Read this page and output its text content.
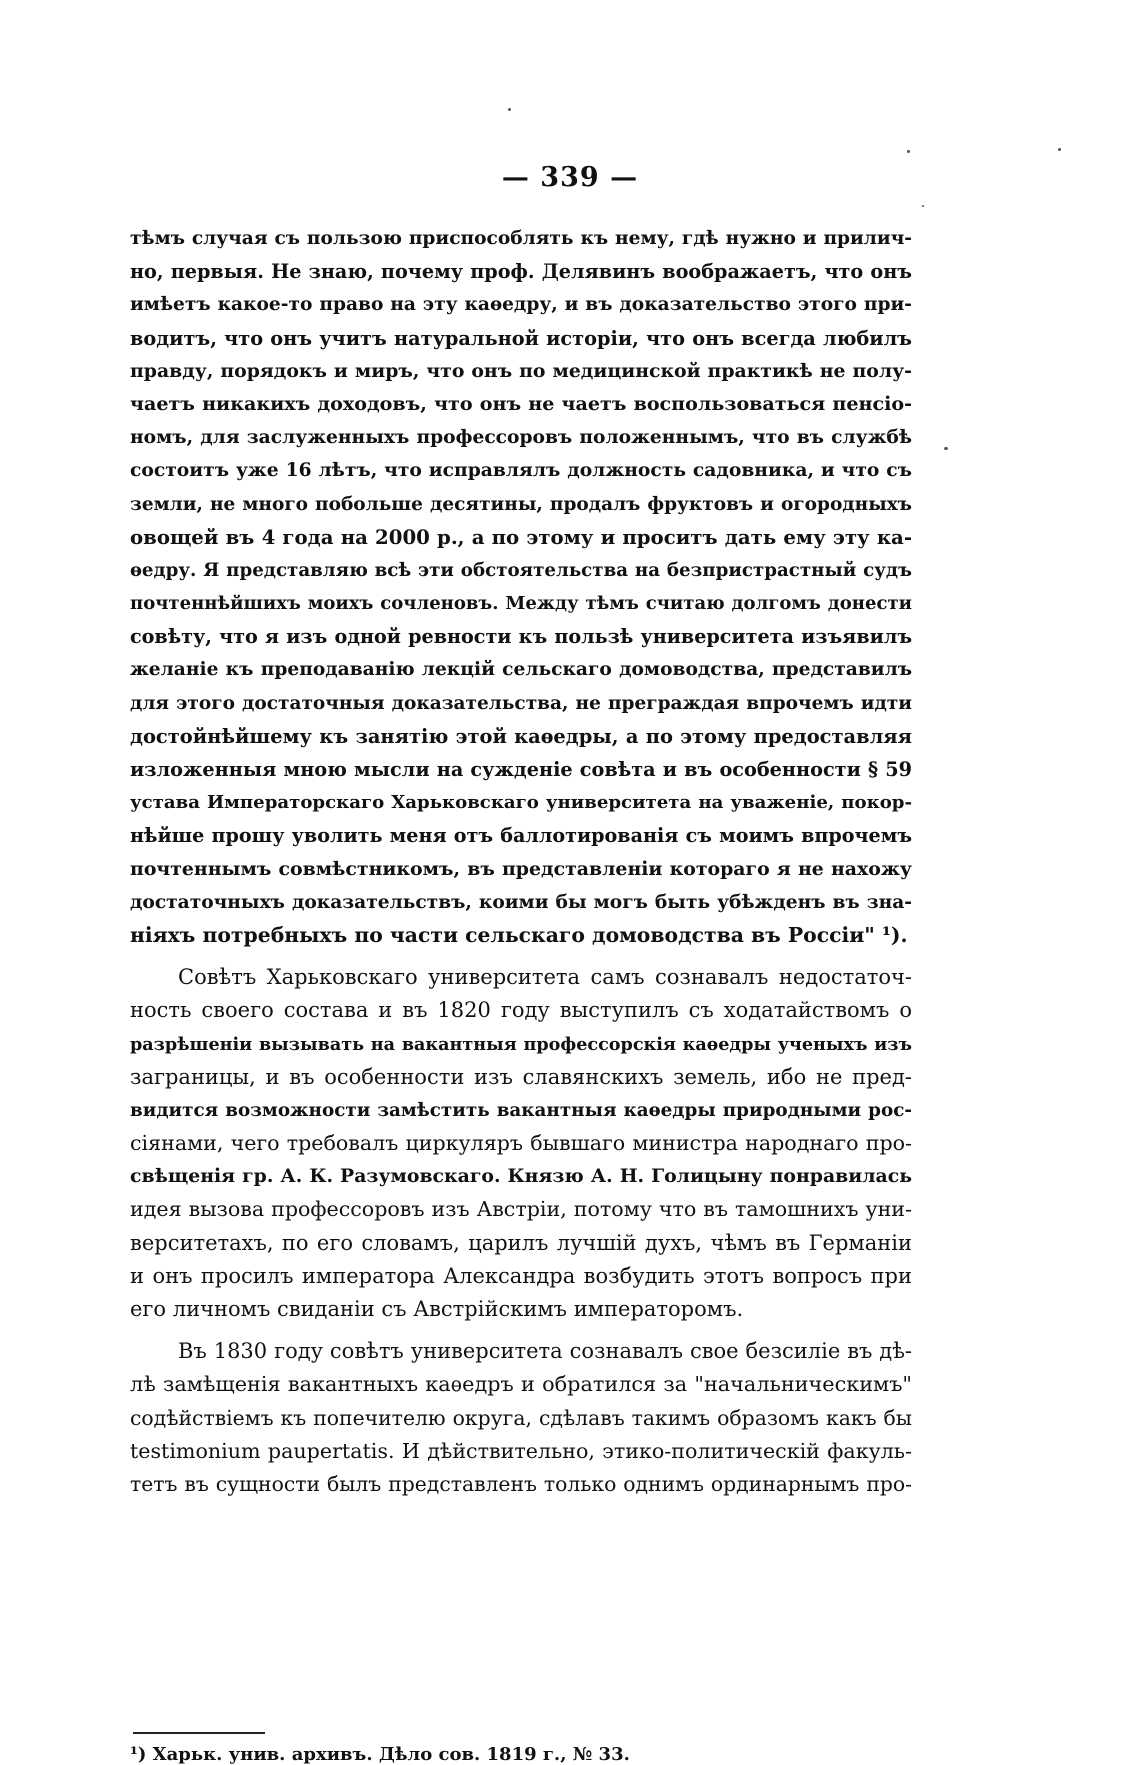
— 339 —
тѣмъ случая съ пользою приспособлять къ нему, гдѣ нужно и прилич-
но, первыя. Не знаю, почему проф. Делявинъ воображаетъ, что онъ
имѣетъ какое-то право на эту каѳедру, и въ доказательство этого при-
водитъ, что онъ учитъ натуральной исторіи, что онъ всегда любилъ
правду, порядокъ и миръ, что онъ по медицинской практикѣ не полу-
чаетъ никакихъ доходовъ, что онъ не чаетъ воспользоваться пенсіо-
номъ, для заслуженныхъ профессоровъ положеннымъ, что въ службѣ
состоитъ уже 16 лѣтъ, что исправлялъ должность садовника, и что съ
земли, не много побольше десятины, продалъ фруктовъ и огородныхъ
овощей въ 4 года на 2000 р., а по этому и проситъ дать ему эту ка-
ѳедру. Я представляю всѣ эти обстоятельства на безпристрастный судъ
почтеннѣйшихъ моихъ сочленовъ. Между тѣмъ считаю долгомъ донести
совѣту, что я изъ одной ревности къ пользѣ университета изъявилъ
желаніе къ преподаванію лекцій сельскаго домоводства, представилъ
для этого достаточныя доказательства, не преграждая впрочемъ идти
достойнѣйшему къ занятію этой каѳедры, а по этому предоставляя
изложенныя мною мысли на сужденіе совѣта и въ особенности § 59
устава Императорскаго Харьковскаго университета на уваженіе, покор-
нѣйше прошу уволить меня отъ баллотированія съ моимъ впрочемъ
почтеннымъ совмѣстникомъ, въ представленіи котораго я не нахожу
достаточныхъ доказательствъ, коими бы могъ быть убѣжденъ въ зна-
ніяхъ потребныхъ по части сельскаго домоводства въ Россіи" ¹).
Совѣтъ Харьковскаго университета самъ сознавалъ недостаточ-
ность своего состава и въ 1820 году выступилъ съ ходатайствомъ о
разрѣшеніи вызывать на вакантныя профессорскія каѳедры ученыхъ изъ
заграницы, и въ особенности изъ славянскихъ земель, ибо не пред-
видится возможности замѣстить вакантныя каѳедры природными рос-
сіянами, чего требовалъ циркуляръ бывшаго министра народнаго про-
свѣщенія гр. А. К. Разумовскаго. Князю А. Н. Голицыну понравилась
идея вызова профессоровъ изъ Австріи, потому что въ тамошнихъ уни-
верситетахъ, по его словамъ, царилъ лучшій духъ, чѣмъ въ Германіи
и онъ просилъ императора Александра возбудить этотъ вопросъ при
его личномъ свиданіи съ Австрійскимъ императоромъ.
Въ 1830 году совѣтъ университета сознавалъ свое безсиліе въ дѣ-
лѣ замѣщенія вакантныхъ каѳедръ и обратился за "начальническимъ"
содѣйствіемъ къ попечителю округа, сдѣлавъ такимъ образомъ какъ бы
testimonium paupertatis. И дѣйствительно, этико-политическій факуль-
тетъ въ сущности былъ представленъ только однимъ ординарнымъ про-
¹) Харьк. унив. архивъ. Дѣло сов. 1819 г., № 33.
